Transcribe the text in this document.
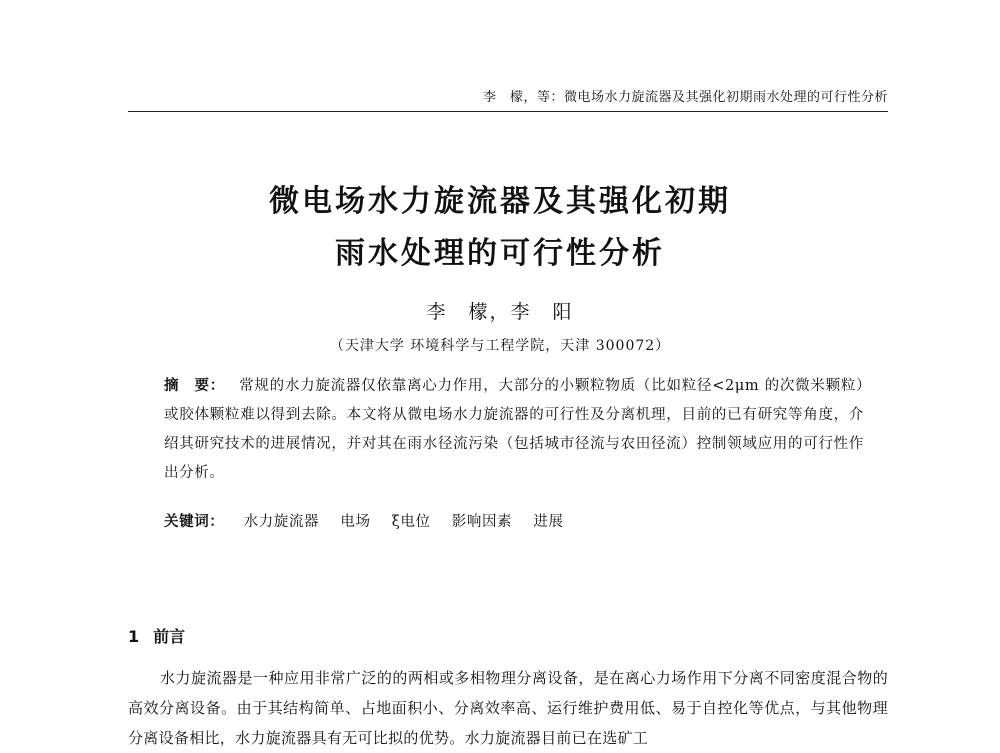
李　檬，等：微电场水力旋流器及其强化初期雨水处理的可行性分析
微电场水力旋流器及其强化初期
雨水处理的可行性分析
李　檬，李　阳
（天津大学 环境科学与工程学院，天津 300072）
摘　要： 常规的水力旋流器仅依靠离心力作用，大部分的小颗粒物质（比如粒径<2μm 的次微米颗粒）或胶体颗粒难以得到去除。本文将从微电场水力旋流器的可行性及分离机理，目前的已有研究等角度，介绍其研究技术的进展情况，并对其在雨水径流污染（包括城市径流与农田径流）控制领域应用的可行性作出分析。
关键词： 水力旋流器 电场 ξ电位 影响因素 进展
1 前言
水力旋流器是一种应用非常广泛的的两相或多相物理分离设备，是在离心力场作用下分离不同密度混合物的高效分离设备。由于其结构简单、占地面积小、分离效率高、运行维护费用低、易于自控化等优点，与其他物理分离设备相比，水力旋流器具有无可比拟的优势。水力旋流器目前已在选矿工
